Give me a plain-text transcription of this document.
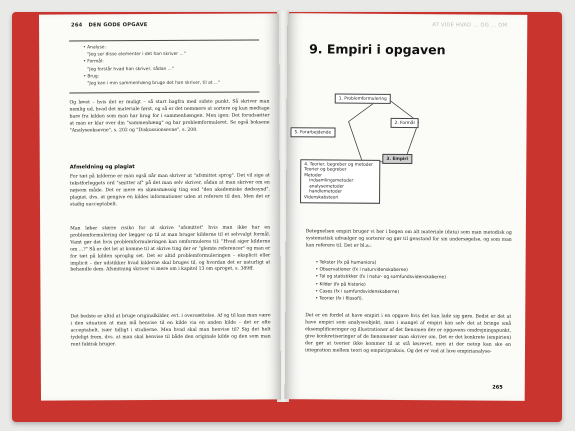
264 DEN GODE OPGAVE
• Analyse:
"Jeg ser disse elementer i det han skriver ..."
• Formål:
"Jeg forstår hvad han skriver, sådan ..."
• Brug:
"Jeg kan i min sammenhæng bruge det han skriver, til at ..."
Og løvet – hvis det er muligt – så start bagfra med sidste punkt. Så skriver man nemlig ud, hvad det materiale først, og så er det nemmere at sortere og kun medtage bare fra kilden som man har brug for i sammenhængen. Men igen: Det forudsætter at man er klar over din "sammenhæng" og har problemformuleret. Se også boksene "Analyseeksevne", s. 202 og "Diskussionsevne", s. 208.
Afmeldning og plagiat
For tæt på kilderne er man også når man skriver at "afsmittet sprog". Det vil sige at tekstforleggets ord "smitter af" på det man selv skriver, sådan at man skriver om en nøjsom måde. Det er mere en skønsmæssig ting end "den akademiske dødssynd", plagiat, dvs. at gengive en kildes informationer uden at referere til den. Men det er stadig uacceptabelt.
Man løber større risiko for at skrive "afsmittet" hvis man ikke har en problemformulering der lægger op til at man bruger kilderne til et selvvalgt formål. Vamt gør det hvis problemformuleringen kan omformuleres til: "Hvad siger kilderne om ...?" Så er det let at komme til at skrive ting der er "glemte referencer" og man er for tæt på kilden sproglig set. Det er altid problemformuleringen – eksplicit eller implicit – der udstikker hvad kilderne skal bruges til, og hvordan det er naturligt at behandle dem. Afsmitning skriver vi mere om i kapitel 13 om sproget, s. 389ff.
Det bedste er altid at bruge originalkilder, evt. i oversættelse. Af og til kan man være i den situation at man må henvise til en kilde via en anden kilde – det er ofte acceptabelt, især tidligt i studierne. Men hvad skal man henvise til? Sig det helt tydeligt frem, dvs. at man skal henvise til både den originale kilde og den som man rent faktisk bruger.
AT VIDE HVAD ... OG ... OM
9. Empiri i opgaven
1. Problemformulering
2. Formål
5. Forarbejdende
3. Empiri
4. Teorier, begreber og metoder
Teorier og begreber
Metoder
indsamlingsmetoder
analysemetoder
handlemetoder
Videnskabsteori
Betegnelsen empiri bruger vi her i bogen om alt materiale (data) som man metodisk og systematisk udvælger og sorterer og gør til genstand for sin undersøgelse, og som man kan referere til. Det er bl.a.:
• Tekster (fx på humaniora)
• Observationer (fx i naturvidenskaberne)
• Tal og statistikker (fx i natur- og samfundsvidenskaberne)
• Kilder (fx på historie)
• Cases (fx i samfundsvidenskaberne)
• Teorier (fx i filosofi).
Det er en fordel at have empiri i en opgave hvis det kan lade sig gøre. Bedst er det at have empiri som analyseobjekt, men i mangel af empiri kan selv det at bringe små eksemplificeringer og illustrationer af det fænomen der er opgavens omdrejningspunkt, give konkretiseringer af de fænomener man skriver om. Det er det konkrete (empirien) der gør at teorier ikke kommer til at stå løsrevet, men at der netop kan ske en integration mellem teori og empiri/praksis. Og det er ved at lave empirianalyse-
265
